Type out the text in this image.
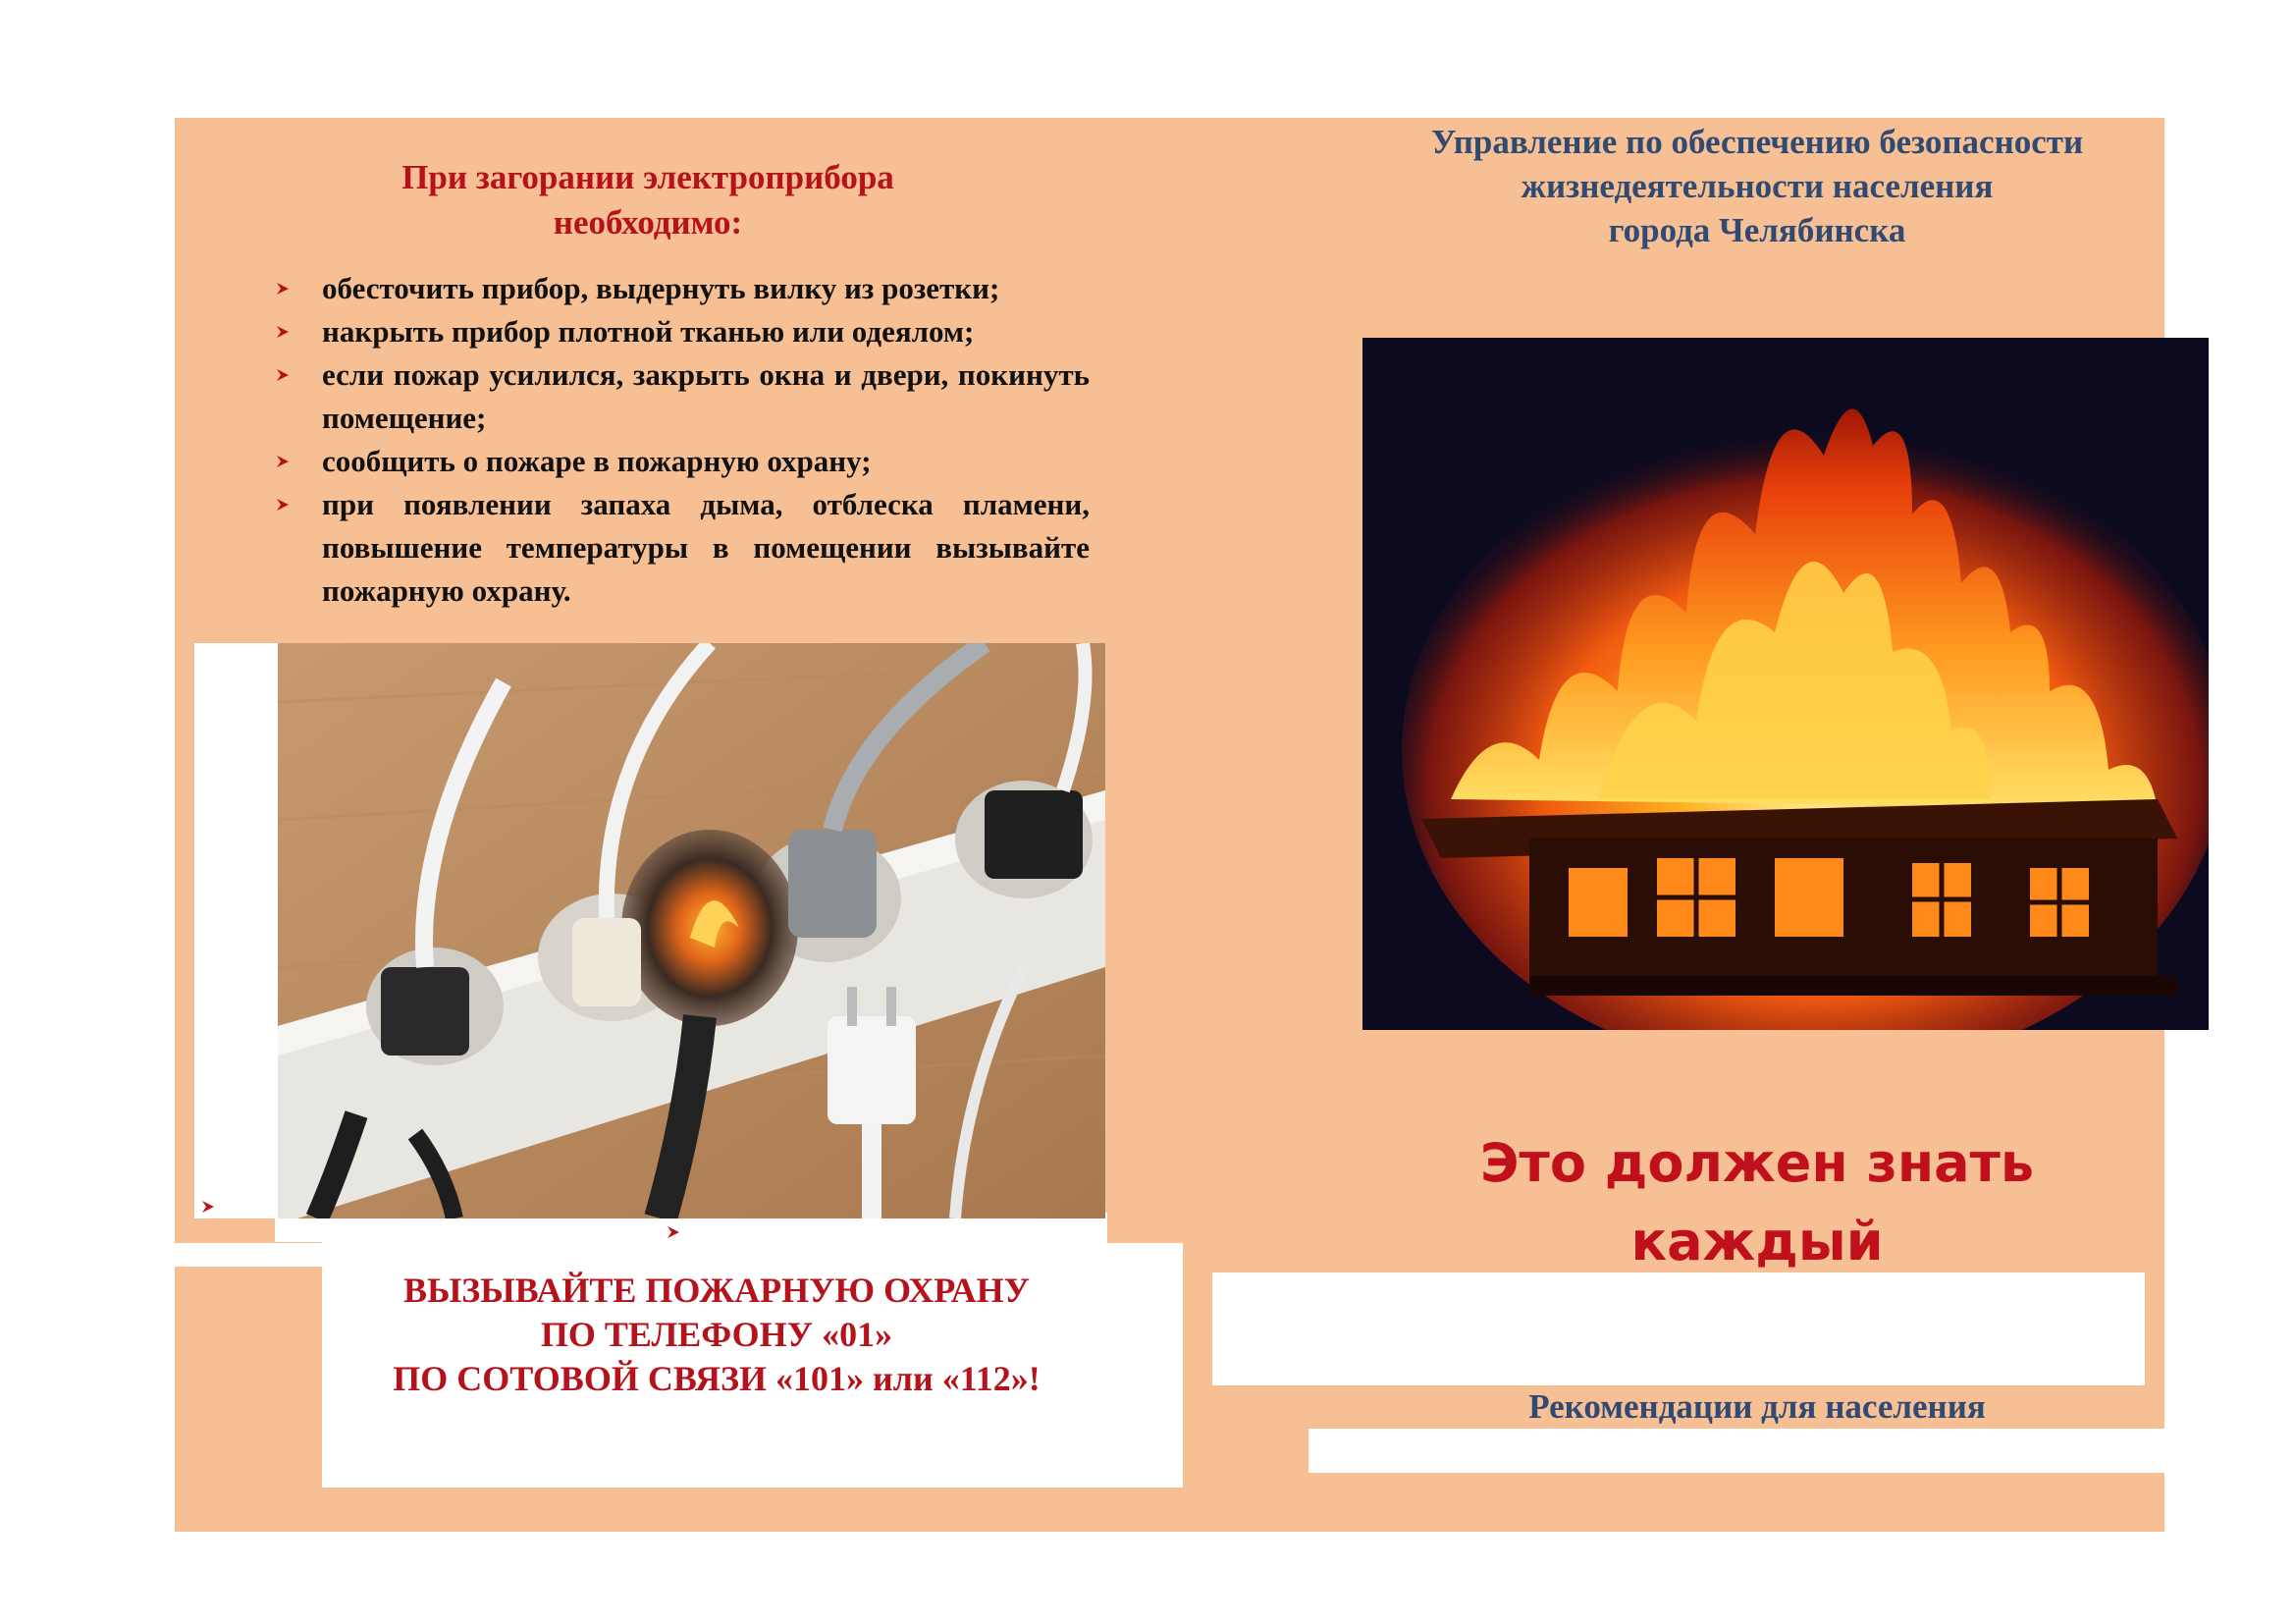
При загорании электроприбора
необходимо:
обесточить прибор, выдернуть вилку из розетки;
накрыть прибор плотной тканью или одеялом;
если пожар усилился, закрыть окна и двери, покинуть помещение;
сообщить о пожаре в пожарную охрану;
при появлении запаха дыма, отблеска пламени, повышение температуры в помещении вызывайте пожарную охрану.
ВЫЗЫВАЙТЕ ПОЖАРНУЮ ОХРАНУ
ПО ТЕЛЕФОНУ «01»
ПО СОТОВОЙ СВЯЗИ «101» или «112»!
Управление по обеспечению безопасности
жизнедеятельности населения
города Челябинска
Это должен знать
каждый
Рекомендации для населения
